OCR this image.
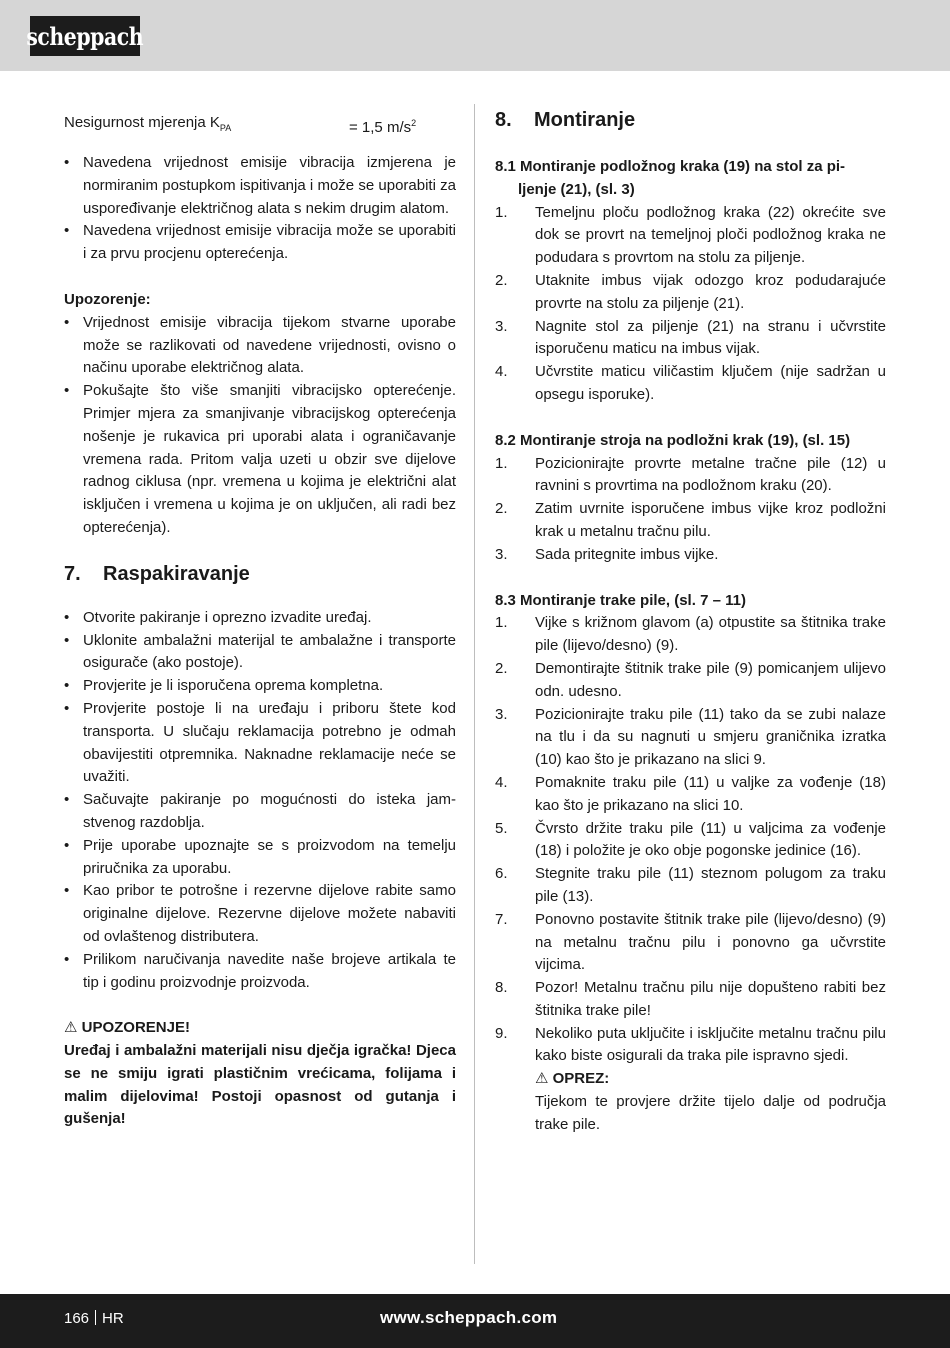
scheppach
Nesigurnost mjerenja $K_{PA}$	= 1,5 $m/s^2$
• Navedena vrijednost emisije vibracija izmjerena je normiranim postupkom ispitivanja i može se uporabiti za uspoređivanje električnog alata s nekim drugim alatom.
• Navedena vrijednost emisije vibracija može se uporabiti i za prvu procjenu opterećenja.
Upozorenje:
• Vrijednost emisije vibracija tijekom stvarne uporabe može se razlikovati od navedene vrijednosti, ovisno o načinu uporabe električnog alata.
• Pokušajte što više smanjiti vibracijsko opterećenje. Primjer mjera za smanjivanje vibracijskog opterećenja nošenje je rukavica pri uporabi alata i ograničavanje vremena rada. Pritom valja uzeti u obzir sve dijelove radnog ciklusa (npr. vremena u kojima je električni alat isključen i vremena u kojima je on uključen, ali radi bez opterećenja).
7. Raspakiravanje
• Otvorite pakiranje i oprezno izvadite uređaj.
• Uklonite ambalažni materijal te ambalažne i transporte osigurače (ako postoje).
• Provjerite je li isporučena oprema kompletna.
• Provjerite postoje li na uređaju i priboru štete kod transporta. U slučaju reklamacija potrebno je odmah obavijestiti otpremnika. Naknadne reklamacije neće se uvažiti.
• Sačuvajte pakiranje po mogućnosti do isteka jamstvenog razdoblja.
• Prije uporabe upoznajte se s proizvodom na temelju priručnika za uporabu.
• Kao pribor te potrošne i rezervne dijelove rabite samo originalne dijelove. Rezervne dijelove možete nabaviti od ovlaštenog distributera.
• Prilikom naručivanja navedite naše brojeve artikala te tip i godinu proizvodnje proizvoda.
⚠ UPOZORENJE!
Uređaj i ambalažni materijali nisu dječja igračka! Djeca se ne smiju igrati plastičnim vrećicama, folijama i malim dijelovima! Postoji opasnost od gutanja i gušenja!
8. Montiranje
8.1 Montiranje podložnog kraka (19) na stol za pi-
ljenje (21), (sl. 3)
1. Temeljnu ploču podložnog kraka (22) okrećite sve dok se provrt na temeljnoj ploči podložnog kraka ne podudara s provrtom na stolu za piljenje.
2. Utaknite imbus vijak odozgo kroz podudarajuće provrte na stolu za piljenje (21).
3. Nagnite stol za piljenje (21) na stranu i učvrstite isporučenu maticu na imbus vijak.
4. Učvrstite maticu viličastim ključem (nije sadržan u opsegu isporuke).
8.2 Montiranje stroja na podložni krak (19), (sl. 15)
1. Pozicionirajte provrte metalne tračne pile (12) u ravnini s provrtima na podložnom kraku (20).
2. Zatim uvrnite isporučene imbus vijke kroz podložni krak u metalnu tračnu pilu.
3. Sada pritegnite imbus vijke.
8.3 Montiranje trake pile, (sl. 7 – 11)
1. Vijke s križnom glavom (a) otpustite sa štitnika trake pile (lijevo/desno) (9).
2. Demontirajte štitnik trake pile (9) pomicanjem ulijevo odn. udesno.
3. Pozicionirajte traku pile (11) tako da se zubi nalaze na tlu i da su nagnuti u smjeru graničnika izratka (10) kao što je prikazano na slici 9.
4. Pomaknite traku pile (11) u valjke za vođenje (18) kao što je prikazano na slici 10.
5. Čvrsto držite traku pile (11) u valjcima za vođenje (18) i položite je oko obje pogonske jedinice (16).
6. Stegnite traku pile (11) steznom polugom za traku pile (13).
7. Ponovno postavite štitnik trake pile (lijevo/desno) (9) na metalnu tračnu pilu i ponovno ga učvrstite vijcima.
8. Pozor! Metalnu tračnu pilu nije dopušteno rabiti bez štitnika trake pile!
9. Nekoliko puta uključite i isključite metalnu tračnu pilu kako biste osigurali da traka pile ispravno sjedi.
⚠ OPREZ:
Tijekom te provjere držite tijelo dalje od područja trake pile.
166 HR	www.scheppach.com
